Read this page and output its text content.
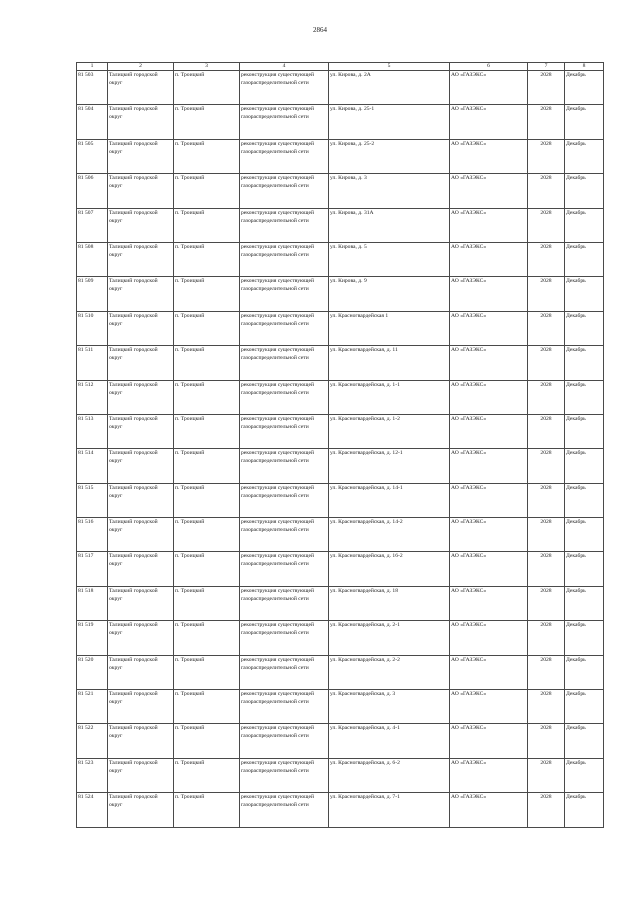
2864
1	2	3	4	5	6	7	8
81 503	Талицкий городской округ	п. Троицкий	реконструкция существующей газораспределительной сети	ул. Кирова, д. 2А	АО «ГАЗЭКС»	2028	Декабрь
81 504	Талицкий городской округ	п. Троицкий	реконструкция существующей газораспределительной сети	ул. Кирова, д. 25-1	АО «ГАЗЭКС»	2028	Декабрь
81 505	Талицкий городской округ	п. Троицкий	реконструкция существующей газораспределительной сети	ул. Кирова, д. 25-2	АО «ГАЗЭКС»	2028	Декабрь
81 506	Талицкий городской округ	п. Троицкий	реконструкция существующей газораспределительной сети	ул. Кирова, д. 3	АО «ГАЗЭКС»	2028	Декабрь
81 507	Талицкий городской округ	п. Троицкий	реконструкция существующей газораспределительной сети	ул. Кирова, д. 31А	АО «ГАЗЭКС»	2028	Декабрь
81 508	Талицкий городской округ	п. Троицкий	реконструкция существующей газораспределительной сети	ул. Кирова, д. 5	АО «ГАЗЭКС»	2028	Декабрь
81 509	Талицкий городской округ	п. Троицкий	реконструкция существующей газораспределительной сети	ул. Кирова, д. 9	АО «ГАЗЭКС»	2028	Декабрь
81 510	Талицкий городской округ	п. Троицкий	реконструкция существующей газораспределительной сети	ул. Красногвардейская 1	АО «ГАЗЭКС»	2028	Декабрь
81 511	Талицкий городской округ	п. Троицкий	реконструкция существующей газораспределительной сети	ул. Красногвардейская, д. 11	АО «ГАЗЭКС»	2028	Декабрь
81 512	Талицкий городской округ	п. Троицкий	реконструкция существующей газораспределительной сети	ул. Красногвардейская, д. 1-1	АО «ГАЗЭКС»	2028	Декабрь
81 513	Талицкий городской округ	п. Троицкий	реконструкция существующей газораспределительной сети	ул. Красногвардейская, д. 1-2	АО «ГАЗЭКС»	2028	Декабрь
81 514	Талицкий городской округ	п. Троицкий	реконструкция существующей газораспределительной сети	ул. Красногвардейская, д. 12-1	АО «ГАЗЭКС»	2028	Декабрь
81 515	Талицкий городской округ	п. Троицкий	реконструкция существующей газораспределительной сети	ул. Красногвардейская, д. 14-1	АО «ГАЗЭКС»	2028	Декабрь
81 516	Талицкий городской округ	п. Троицкий	реконструкция существующей газораспределительной сети	ул. Красногвардейская, д. 14-2	АО «ГАЗЭКС»	2028	Декабрь
81 517	Талицкий городской округ	п. Троицкий	реконструкция существующей газораспределительной сети	ул. Красногвардейская, д. 16-2	АО «ГАЗЭКС»	2028	Декабрь
81 518	Талицкий городской округ	п. Троицкий	реконструкция существующей газораспределительной сети	ул. Красногвардейская, д. 18	АО «ГАЗЭКС»	2028	Декабрь
81 519	Талицкий городской округ	п. Троицкий	реконструкция существующей газораспределительной сети	ул. Красногвардейская, д. 2-1	АО «ГАЗЭКС»	2028	Декабрь
81 520	Талицкий городской округ	п. Троицкий	реконструкция существующей газораспределительной сети	ул. Красногвардейская, д. 2-2	АО «ГАЗЭКС»	2028	Декабрь
81 521	Талицкий городской округ	п. Троицкий	реконструкция существующей газораспределительной сети	ул. Красногвардейская, д. 3	АО «ГАЗЭКС»	2028	Декабрь
81 522	Талицкий городской округ	п. Троицкий	реконструкция существующей газораспределительной сети	ул. Красногвардейская, д. 4-1	АО «ГАЗЭКС»	2028	Декабрь
81 523	Талицкий городской округ	п. Троицкий	реконструкция существующей газораспределительной сети	ул. Красногвардейская, д. 6-2	АО «ГАЗЭКС»	2028	Декабрь
81 524	Талицкий городской округ	п. Троицкий	реконструкция существующей газораспределительной сети	ул. Красногвардейская, д. 7-1	АО «ГАЗЭКС»	2028	Декабрь
